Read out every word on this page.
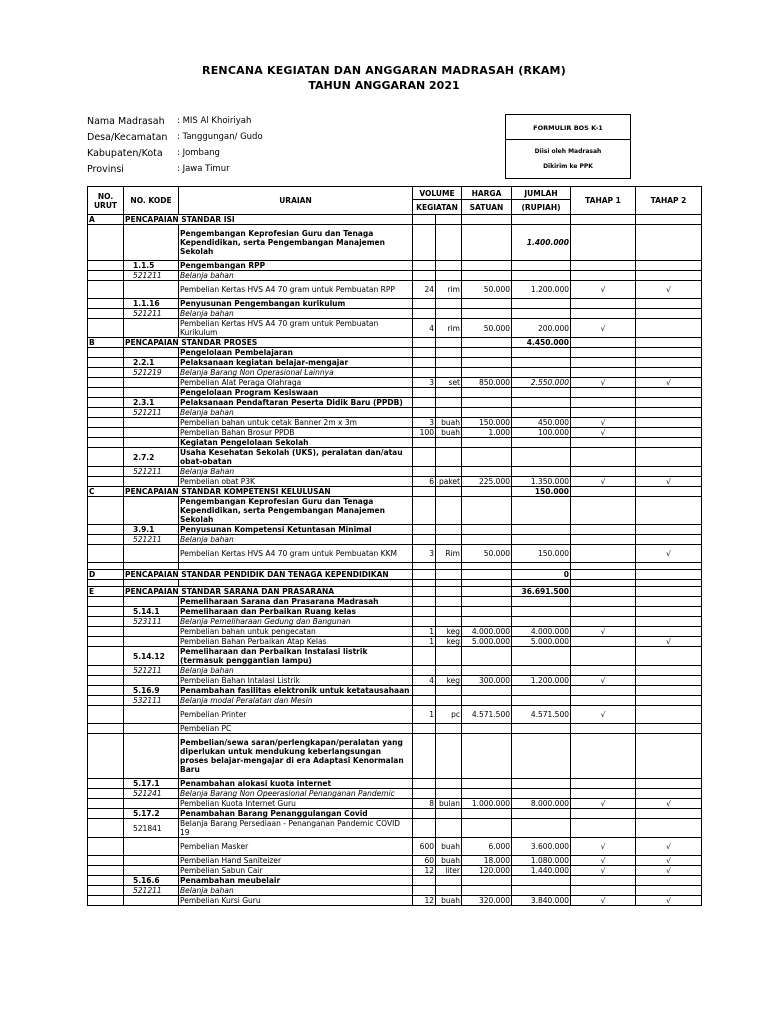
RENCANA KEGIATAN DAN ANGGARAN MADRASAH (RKAM)
TAHUN ANGGARAN 2021
Nama Madrasah	: MIS Al Khoiriyah
Desa/Kecamatan	: Tanggungan/ Gudo
Kabupaten/Kota	: Jombang
Provinsi	: Jawa Timur
FORMULIR BOS K-1
Diisi oleh Madrasah
Dikirim ke PPK
NO. URUT	NO. KODE	URAIAN	VOLUME		HARGA	JUMLAH	TAHAP 1	TAHAP 2
			KEGIATAN		SATUAN	(RUPIAH)		
A	PENCAPAIAN STANDAR ISI							
		Pengembangan Keprofesian Guru dan Tenaga Kependidikan, serta Pengembangan Manajemen Sekolah				1.400.000		
	1.1.5	Pengembangan RPP						
	521211	Belanja bahan						
		Pembelian Kertas HVS A4 70 gram untuk Pembuatan RPP	24	rim	50.000	1.200.000	√	√
	1.1.16	Penyusunan Pengembangan kurikulum						
	521211	Belanja bahan						
		Pembelian Kertas HVS A4 70 gram untuk Pembuatan Kurikulum	4	rim	50.000	200.000	√	
B	PENCAPAIAN STANDAR PROSES					4.450.000		
		Pengelolaan Pembelajaran						
	2.2.1	Pelaksanaan kegiatan belajar-mengajar						
	521219	Belanja Barang Non Operasional Lainnya						
		Pembelian Alat Peraga Olahraga	3	set	850.000	2.550.000	√	√
		Pengelolaan Program Kesiswaan						
	2.3.1	Pelaksanaan Pendaftaran Peserta Didik Baru (PPDB)						
	521211	Belanja bahan						
		Pembelian bahan untuk cetak Banner 2m x 3m	3	buah	150.000	450.000	√	
		Pembelian Bahan Brosur PPDB	100	buah	1.000	100.000	√	
		Kegiatan Pengelolaan Sekolah						
	2.7.2	Usaha Kesehatan Sekolah (UKS), peralatan dan/atau obat-obatan						
	521211	Belanja Bahan						
		Pembelian obat P3K	6	paket	225.000	1.350.000	√	√
C	PENCAPAIAN STANDAR KOMPETENSI KELULUSAN					150.000		
		Pengembangan Keprofesian Guru dan Tenaga Kependidikan, serta Pengembangan Manajemen Sekolah						
	3.9.1	Penyusunan Kompetensi Ketuntasan Minimal						
	521211	Belanja bahan						
		Pembelian Kertas HVS A4 70 gram untuk Pembuatan KKM	3	Rim	50.000	150.000		√

D	PENCAPAIAN STANDAR PENDIDIK DAN TENAGA KEPENDIDIKAN					0		

E	PENCAPAIAN STANDAR SARANA DAN PRASARANA					36.691.500		
		Pemeliharaan Sarana dan Prasarana Madrasah						
	5.14.1	Pemeliharaan dan Perbaikan Ruang kelas						
	523111	Belanja Pemeliharaan Gedung dan Bangunan						
		Pembelian bahan untuk pengecatan	1	keg	4.000.000	4.000.000	√	
		Pembelian Bahan Perbaikan Atap Kelas	1	keg	5.000.000	5.000.000		√
	5.14.12	Pemeliharaan dan Perbaikan Instalasi listrik (termasuk penggantian lampu)						
	521211	Belanja bahan						
		Pembelian Bahan Intalasi Listrik	4	keg	300.000	1.200.000	√	
	5.16.9	Penambahan fasilitas elektronik untuk ketatausahaan						
	532111	Belanja modal Peralatan dan Mesin						
		Pembelian Printer	1	pc	4.571.500	4.571.500	√	
		Pembelian PC						
		Pembelian/sewa saran/perlengkapan/peralatan yang diperlukan untuk mendukung keberlangsungan proses belajar-mengajar di era Adaptasi Kenormalan Baru						
	5.17.1	Penambahan alokasi kuota internet						
	521241	Belanja Barang Non Opeerasional Penanganan Pandemic						
		Pembelian Kuota Internet Guru	8	bulan	1.000.000	8.000.000	√	√
	5.17.2	Penambahan Barang Penanggulangan Covid						
	521841	Belanja Barang Persediaan - Penanganan Pandemic COVID 19						
		Pembelian Masker	600	buah	6.000	3.600.000	√	√
		Pembelian Hand Saniteizer	60	buah	18.000	1.080.000	√	√
		Pembelian Sabun Cair	12	liter	120.000	1.440.000	√	√
	5.16.6	Penambahan meubelair						
	521211	Belanja bahan						
		Pembelian Kursi Guru	12	buah	320.000	3.840.000	√	√
